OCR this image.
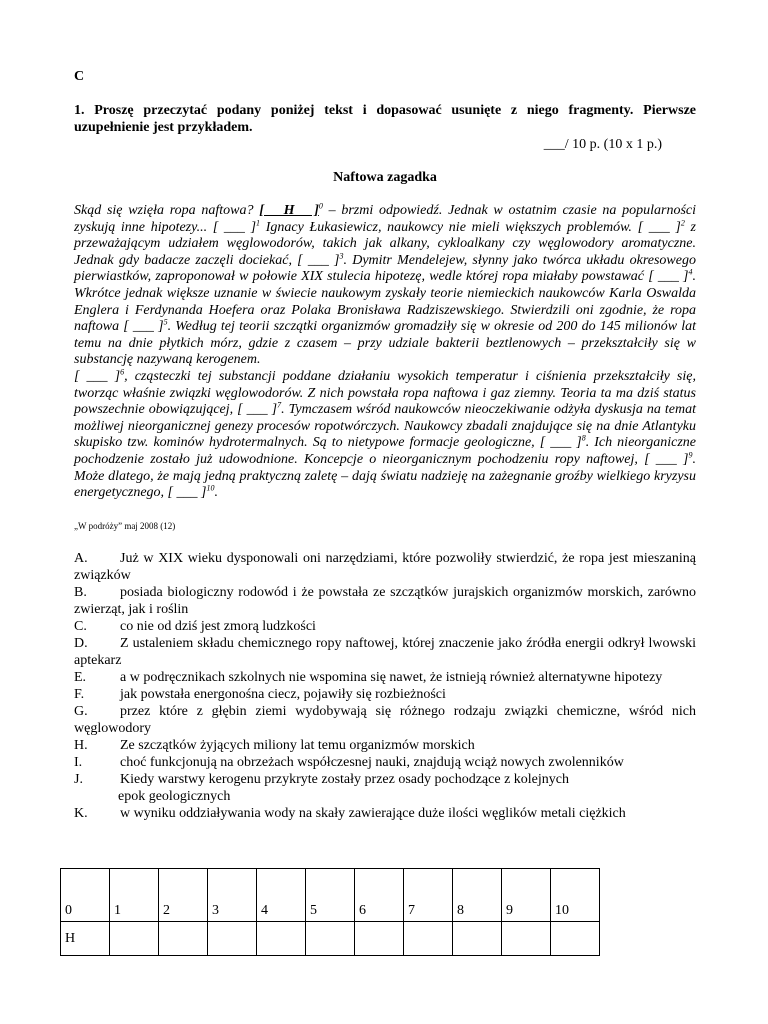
C
1. Proszę przeczytać podany poniżej tekst i dopasować usunięte z niego fragmenty. Pierwsze uzupełnienie jest przykładem.
___/ 10 p. (10 x 1 p.)
Naftowa zagadka

Skąd się wzięła ropa naftowa? [ __H__ ]$^0$ – brzmi odpowiedź. Jednak w ostatnim czasie na popularności zyskują inne hipotezy... [ ___ ]$^1$ Ignacy Łukasiewicz, naukowcy nie mieli większych problemów. [ ___ ]$^2$ z przeważającym udziałem węglowodorów, takich jak alkany, cykloalkany czy węglowodory aromatyczne. Jednak gdy badacze zaczęli dociekać, [ ___ ]$^3$. Dymitr Mendelejew, słynny jako twórca układu okresowego pierwiastków, zaproponował w połowie XIX stulecia hipotezę, wedle której ropa miałaby powstawać [ ___ ]$^4$. Wkrótce jednak większe uznanie w świecie naukowym zyskały teorie niemieckich naukowców Karla Oswalda Englera i Ferdynanda Hoefera oraz Polaka Bronisława Radziszewskiego. Stwierdzili oni zgodnie, że ropa naftowa [ ___ ]$^5$. Według tej teorii szczątki organizmów gromadziły się w okresie od 200 do 145 milionów lat temu na dnie płytkich mórz, gdzie z czasem – przy udziale bakterii beztlenowych – przekształciły się w substancję nazywaną kerogenem.

[ ___ ]$^6$, cząsteczki tej substancji poddane działaniu wysokich temperatur i ciśnienia przekształciły się, tworząc właśnie związki węglowodorów. Z nich powstała ropa naftowa i gaz ziemny. Teoria ta ma dziś status powszechnie obowiązującej, [ ___ ]$^7$. Tymczasem wśród naukowców nieoczekiwanie odżyła dyskusja na temat możliwej nieorganicznej genezy procesów ropotwórczych. Naukowcy zbadali znajdujące się na dnie Atlantyku skupisko tzw. kominów hydrotermalnych. Są to nietypowe formacje geologiczne, [ ___ ]$^8$. Ich nieorganiczne pochodzenie zostało już udowodnione. Koncepcje o nieorganicznym pochodzeniu ropy naftowej, [ ___ ]$^9$. Może dlatego, że mają jedną praktyczną zaletę – dają światu nadzieję na zażegnanie groźby wielkiego kryzysu energetycznego, [ ___ ]$^{10}$.

„W podróży” maj 2008 (12)

A. Już w XIX wieku dysponowali oni narzędziami, które pozwoliły stwierdzić, że ropa jest mieszaniną związków

B. posiada biologiczny rodowód i że powstała ze szczątków jurajskich organizmów morskich, zarówno zwierząt, jak i roślin

C. co nie od dziś jest zmorą ludzkości

D. Z ustaleniem składu chemicznego ropy naftowej, której znaczenie jako źródła energii odkrył lwowski aptekarz

E. a w podręcznikach szkolnych nie wspomina się nawet, że istnieją również alternatywne hipotezy

F.	jak powstała energonośna ciecz, pojawiły się rozbieżności

G. przez które z głębin ziemi wydobywają się różnego rodzaju związki chemiczne, wśród nich węglowodory

H. Ze szczątków żyjących miliony lat temu organizmów morskich

I.	choć funkcjonują na obrzeżach współczesnej nauki, znajdują wciąż nowych zwolenników

J.	Kiedy warstwy kerogenu przykryte zostały przez osady pochodzące z kolejnych
epok geologicznych

K. w wyniku oddziaływania wody na skały zawierające duże ilości węglików metali ciężkich

0	1	2	3	4	5	6	7	8	9	10
H										
